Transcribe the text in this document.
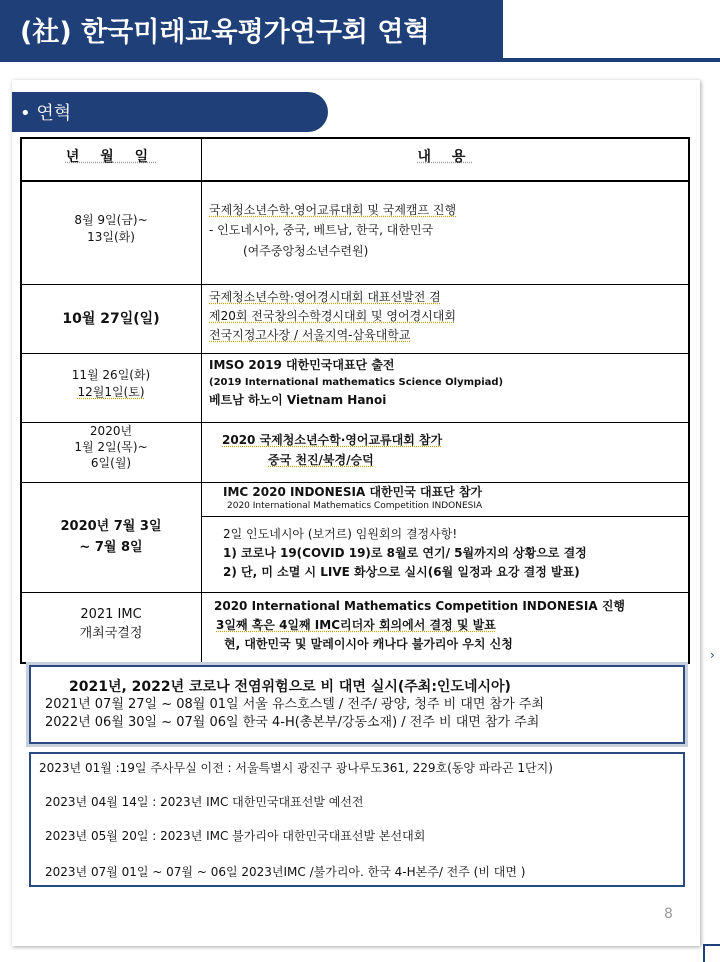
(社) 한국미래교육평가연구회 연혁
• 연혁
년 월 일	내 용
8월 9일(금)~
13일(화)
국제청소년수학.영어교류대회 및 국제캠프 진행
- 인도네시아, 중국, 베트남, 한국, 대한민국
(여주중앙청소년수련원)
10월 27일(일)
국제청소년수학·영어경시대회 대표선발전 겸
제20회 전국창의수학경시대회 및 영어경시대회
전국지정고사장 / 서울지역-삼육대학교
11월 26일(화)
12월1일(토)
IMSO 2019 대한민국대표단 출전
(2019 International mathematics Science Olympiad)
베트남 하노이 Vietnam Hanoi
2020년
1월 2일(목)~
6일(월)
2020 국제청소년수학·영어교류대회 참가
중국 천진/북경/승덕
2020년 7월 3일
~ 7월 8일
IMC 2020 INDONESIA 대한민국 대표단 참가
2020 International Mathematics Competition INDONESIA
2일 인도네시아 (보거르) 임원회의 결정사항!
1) 코로나 19(COVID 19)로 8월로 연기/ 5월까지의 상황으로 결정
2) 단, 미 소멸 시 LIVE 화상으로 실시(6월 일정과 요강 결정 발표)
2021 IMC
개최국결정
2020 International Mathematics Competition INDONESIA 진행
3일째 혹은 4일째 IMC리더자 회의에서 결정 및 발표
현, 대한민국 및 말레이시아 캐나다 불가리아 우치 신청
2021년, 2022년 코로나 전염위험으로 비 대면 실시(주최:인도네시아)
2021년 07월 27일 ~ 08월 01일 서울 유스호스텔 / 전주/ 광양, 청주 비 대면 참가 주최
2022년 06월 30일 ~ 07월 06일 한국 4-H(총본부/강동소재) / 전주 비 대면 참가 주최
2023년 01월 :19일 주사무실 이전 : 서울특별시 광진구 광나루도361, 229호(동양 파라곤 1단지)
2023년 04월 14일 : 2023년 IMC 대한민국대표선발 예선전
2023년 05월 20일 : 2023년 IMC 불가리아 대한민국대표선발 본선대회
2023년 07월 01일 ~ 07월 ~ 06일 2023년IMC /불가리아. 한국 4-H본주/ 전주 (비 대면 )
›
8
